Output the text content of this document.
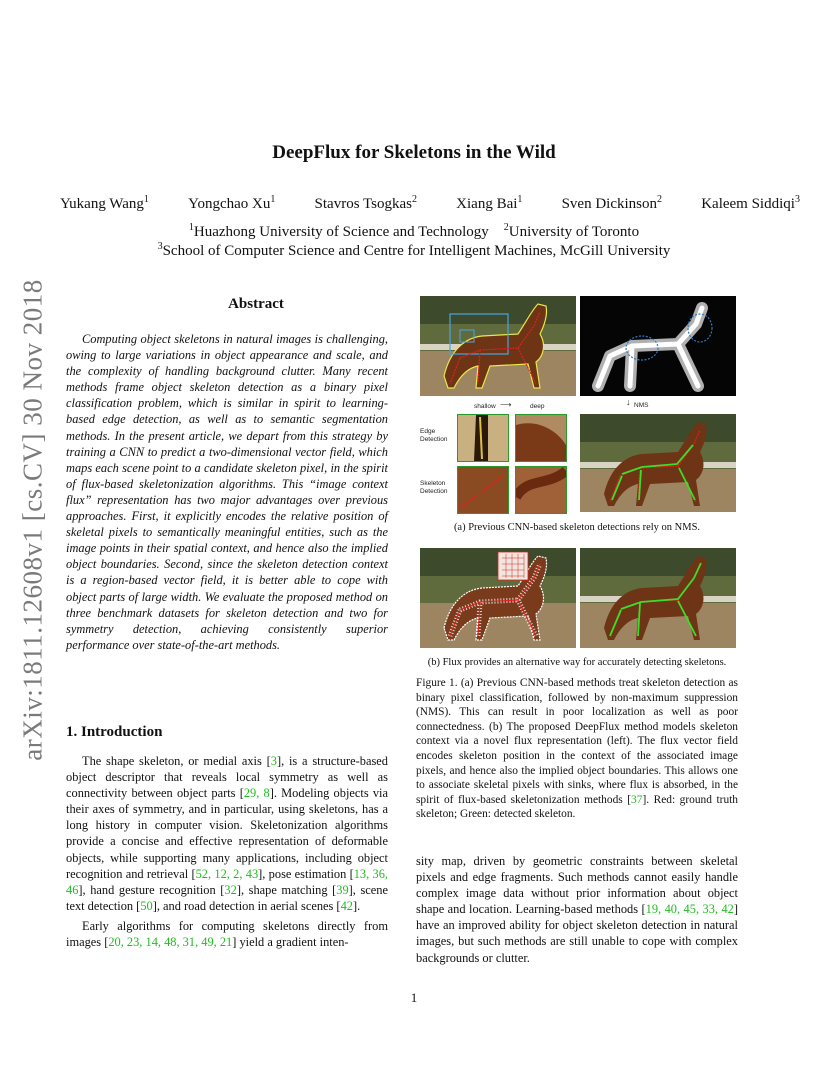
arXiv:1811.12608v1 [cs.CV] 30 Nov 2018
DeepFlux for Skeletons in the Wild
Yukang Wang$^1$	Yongchao Xu$^1$	Stavros Tsogkas$^2$	Xiang Bai$^1$	Sven Dickinson$^2$	Kaleem Siddiqi$^3$
$^1$Huazhong University of Science and Technology $^2$University of Toronto
$^3$School of Computer Science and Centre for Intelligent Machines, McGill University
Abstract
Computing object skeletons in natural images is challenging, owing to large variations in object appearance and scale, and the complexity of handling background clutter. Many recent methods frame object skeleton detection as a binary pixel classification problem, which is similar in spirit to learning-based edge detection, as well as to semantic segmentation methods. In the present article, we depart from this strategy by training a CNN to predict a two-dimensional vector field, which maps each scene point to a candidate skeleton pixel, in the spirit of flux-based skeletonization algorithms. This “image context flux” representation has two major advantages over previous approaches. First, it explicitly encodes the relative position of skeletal pixels to semantically meaningful entities, such as the image points in their spatial context, and hence also the implied object boundaries. Second, since the skeleton detection context is a region-based vector field, it is better able to cope with object parts of large width. We evaluate the proposed method on three benchmark datasets for skeleton detection and two for symmetry detection, achieving consistently superior performance over state-of-the-art methods.
1. Introduction

The shape skeleton, or medial axis [3], is a structure-based object descriptor that reveals local symmetry as well as connectivity between object parts [29, 8]. Modeling objects via their axes of symmetry, and in particular, using skeletons, has a long history in computer vision. Skeletonization algorithms provide a concise and effective representation of deformable objects, while supporting many applications, including object recognition and retrieval [52, 12, 2, 43], pose estimation [13, 36, 46], hand gesture recognition [32], shape matching [39], scene text detection [50], and road detection in aerial scenes [42].

Early algorithms for computing skeletons directly from images [20, 23, 14, 48, 31, 49, 21] yield a gradient inten-

shallow ⟶	deep	↓ NMS
Edge Detection
Skeleton Detection
(a) Previous CNN-based skeleton detections rely on NMS.
(b) Flux provides an alternative way for accurately detecting skeletons.
Figure 1. (a) Previous CNN-based methods treat skeleton detection as binary pixel classification, followed by non-maximum suppression (NMS). This can result in poor localization as well as poor connectedness. (b) The proposed DeepFlux method models skeleton context via a novel flux representation (left). The flux vector field encodes skeleton position in the context of the associated image pixels, and hence also the implied object boundaries. This allows one to associate skeletal pixels with sinks, where flux is absorbed, in the spirit of flux-based skeletonization methods [37]. Red: ground truth skeleton; Green: detected skeleton.
sity map, driven by geometric constraints between skeletal pixels and edge fragments. Such methods cannot easily handle complex image data without prior information about object shape and location. Learning-based methods [19, 40, 45, 33, 42] have an improved ability for object skeleton detection in natural images, but such methods are still unable to cope with complex backgrounds or clutter.
1
